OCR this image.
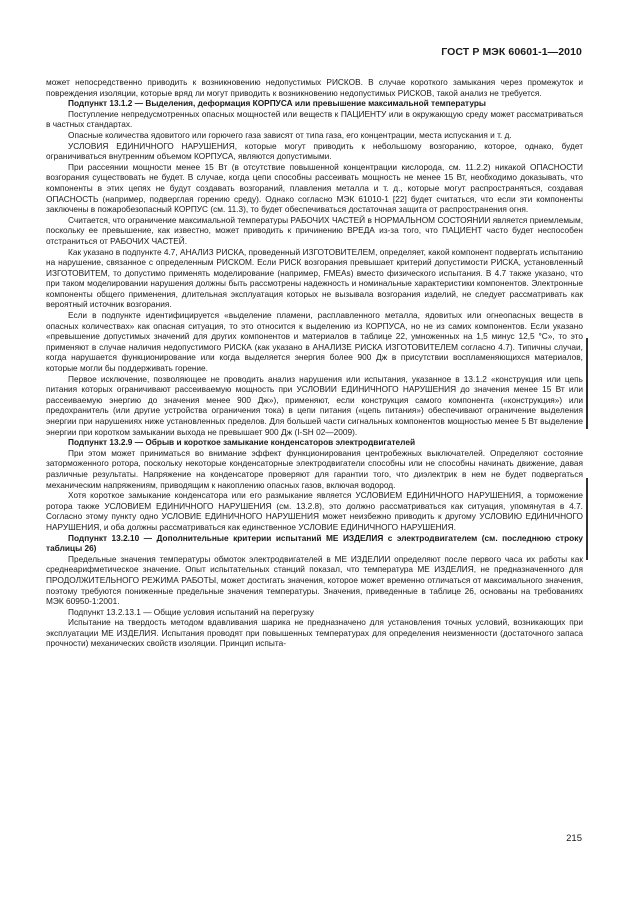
ГОСТ Р МЭК 60601-1—2010

может непосредственно приводить к возникновению недопустимых РИСКОВ. В случае короткого замыкания через промежуток и повреждения изоляции, которые вряд ли могут приводить к возникновению недопустимых РИСКОВ, такой анализ не требуется.

Подпункт 13.1.2 — Выделения, деформация КОРПУСА или превышение максимальной температуры

Поступление непредусмотренных опасных мощностей или веществ к ПАЦИЕНТУ или в окружающую среду может рассматриваться в частных стандартах.

Опасные количества ядовитого или горючего газа зависят от типа газа, его концентрации, места испускания и т. д.

УСЛОВИЯ ЕДИНИЧНОГО НАРУШЕНИЯ, которые могут приводить к небольшому возгоранию, которое, однако, будет ограничиваться внутренним объемом КОРПУСА, являются допустимыми.

При рассеянии мощности менее 15 Вт (в отсутствие повышенной концентрации кислорода, см. 11.2.2) никакой ОПАСНОСТИ возгорания существовать не будет. В случае, когда цепи способны рассеивать мощность не менее 15 Вт, необходимо доказывать, что компоненты в этих цепях не будут создавать возгораний, плавления металла и т. д., которые могут распространяться, создавая ОПАСНОСТЬ (например, подверглая горению среду). Однако согласно МЭК 61010-1 [22] будет считаться, что если эти компоненты заключены в пожаробезопасный КОРПУС (см. 11.3), то будет обеспечиваться достаточная защита от распространения огня.

Считается, что ограничение максимальной температуры РАБОЧИХ ЧАСТЕЙ в НОРМАЛЬНОМ СОСТОЯНИИ является приемлемым, поскольку ее превышение, как известно, может приводить к причинению ВРЕДА из-за того, что ПАЦИЕНТ часто будет неспособен отстраниться от РАБОЧИХ ЧАСТЕЙ.

Как указано в подпункте 4.7, АНАЛИЗ РИСКА, проведенный ИЗГОТОВИТЕЛЕМ, определяет, какой компонент подвергать испытанию на нарушение, связанное с определенным РИСКОМ. Если РИСК возгорания превышает критерий допустимости РИСКА, установленный ИЗГОТОВИТЕМ, то допустимо применять моделирование (например, FMEAs) вместо физического испытания. В 4.7 также указано, что при таком моделировании нарушения должны быть рассмотрены надежность и номинальные характеристики компонентов. Электронные компоненты общего применения, длительная эксплуатация которых не вызывала возгорания изделий, не следует рассматривать как вероятный источник возгорания.

Если в подпункте идентифицируется «выделение пламени, расплавленного металла, ядовитых или огнеопасных веществ в опасных количествах» как опасная ситуация, то это относится к выделению из КОРПУСА, но не из самих компонентов. Если указано «превышение допустимых значений для других компонентов и материалов в таблице 22, умноженных на 1,5 минус 12,5 °С», то это применяют в случае наличия недопустимого РИСКА (как указано в АНАЛИЗЕ РИСКА ИЗГОТОВИТЕЛЕМ согласно 4.7). Типичны случаи, когда нарушается функционирование или когда выделяется энергия более 900 Дж в присутствии воспламеняющихся материалов, которые могли бы поддерживать горение.

Первое исключение, позволяющее не проводить анализ нарушения или испытания, указанное в 13.1.2 «конструкция или цепь питания которых ограничивают рассеиваемую мощность при УСЛОВИИ ЕДИНИЧНОГО НАРУШЕНИЯ до значения менее 15 Вт или рассеиваемую энергию до значения менее 900 Дж»), применяют, если конструкция самого компонента («конструкция») или предохранитель (или другие устройства ограничения тока) в цепи питания («цепь питания») обеспечивают ограничение выделения энергии при нарушениях ниже установленных пределов. Для большей части сигнальных компонентов мощностью менее 5 Вт выделение энергии при коротком замыкании выхода не превышает 900 Дж (I-SH 02—2009).

Подпункт 13.2.9 — Обрыв и короткое замыкание конденсаторов электродвигателей

При этом может приниматься во внимание эффект функционирования центробежных выключателей. Определяют состояние заторможенного ротора, поскольку некоторые конденсаторные электродвигатели способны или не способны начинать движение, давая различные результаты. Напряжение на конденсаторе проверяют для гарантии того, что диэлектрик в нем не будет подвергаться механическим напряжениям, приводящим к накоплению опасных газов, включая водород.

Хотя короткое замыкание конденсатора или его размыкание является УСЛОВИЕМ ЕДИНИЧНОГО НАРУШЕНИЯ, а торможение ротора также УСЛОВИЕМ ЕДИНИЧНОГО НАРУШЕНИЯ (см. 13.2.8), это должно рассматриваться как ситуация, упомянутая в 4.7. Согласно этому пункту одно УСЛОВИЕ ЕДИНИЧНОГО НАРУШЕНИЯ может неизбежно приводить к другому УСЛОВИЮ ЕДИНИЧНОГО НАРУШЕНИЯ, и оба должны рассматриваться как единственное УСЛОВИЕ ЕДИНИЧНОГО НАРУШЕНИЯ.

Подпункт 13.2.10 — Дополнительные критерии испытаний МЕ ИЗДЕЛИЯ с электродвигателем (см. последнюю строку таблицы 26)

Предельные значения температуры обмоток электродвигателей в МЕ ИЗДЕЛИИ определяют после первого часа их работы как среднеарифметическое значение. Опыт испытательных станций показал, что температура МЕ ИЗДЕЛИЯ, не предназначенного для ПРОДОЛЖИТЕЛЬНОГО РЕЖИМА РАБОТЫ, может достигать значения, которое может временно отличаться от максимального значения, поэтому требуются пониженные предельные значения температуры. Значения, приведенные в таблице 26, основаны на требованиях МЭК 60950-1:2001.

Подпункт 13.2.13.1 — Общие условия испытаний на перегрузку

Испытание на твердость методом вдавливания шарика не предназначено для установления точных условий, возникающих при эксплуатации МЕ ИЗДЕЛИЯ. Испытания проводят при повышенных температурах для определения неизменности (достаточного запаса прочности) механических свойств изоляции. Принцип испыта-

215
